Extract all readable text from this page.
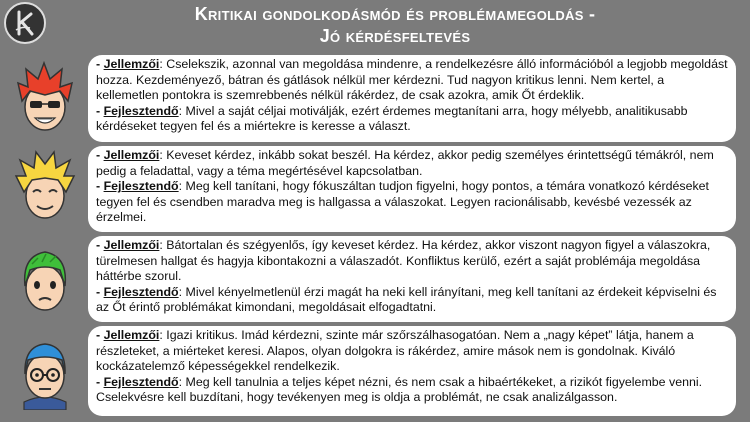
Kritikai gondolkodásmód és problémamegoldás -
Jó kérdésfeltevés

- Jellemzői: Cselekszik, azonnal van megoldása mindenre, a rendelkezésre álló információból a legjobb megoldást hozza. Kezdeményező, bátran és gátlások nélkül mer kérdezni. Tud nagyon kritikus lenni. Nem kertel, a kellemetlen pontokra is szemrebbenés nélkül rákérdez, de csak azokra, amik Őt érdeklik.

- Fejlesztendő: Mivel a saját céljai motiválják, ezért érdemes megtanítani arra, hogy mélyebb, analitikusabb kérdéseket tegyen fel és a miértekre is keresse a választ.

- Jellemzői: Keveset kérdez, inkább sokat beszél. Ha kérdez, akkor pedig személyes érintettségű témákról, nem pedig a feladattal, vagy a téma megértésével kapcsolatban.

- Fejlesztendő: Meg kell tanítani, hogy fókuszáltan tudjon figyelni, hogy pontos, a témára vonatkozó kérdéseket tegyen fel és csendben maradva meg is hallgassa a válaszokat. Legyen racionálisabb, kevésbé vezessék az érzelmei.

- Jellemzői: Bátortalan és szégyenlős, így keveset kérdez. Ha kérdez, akkor viszont nagyon figyel a válaszokra, türelmesen hallgat és hagyja kibontakozni a válaszadót. Konfliktus kerülő, ezért a saját problémája megoldása háttérbe szorul.

- Fejlesztendő: Mivel kényelmetlenül érzi magát ha neki kell irányítani, meg kell tanítani az érdekeit képviselni és az Őt érintő problémákat kimondani, megoldásait elfogadtatni.

- Jellemzői: Igazi kritikus. Imád kérdezni, szinte már szőrszálhasogatóan. Nem a „nagy képet” látja, hanem a részleteket, a miérteket keresi. Alapos, olyan dolgokra is rákérdez, amire mások nem is gondolnak. Kiváló kockázatelemző képességekkel rendelkezik.

- Fejlesztendő: Meg kell tanulnia a teljes képet nézni, és nem csak a hibaértékeket, a rizikót figyelembe venni. Cselekvésre kell buzdítani, hogy tevékenyen meg is oldja a problémát, ne csak analizálgasson.
